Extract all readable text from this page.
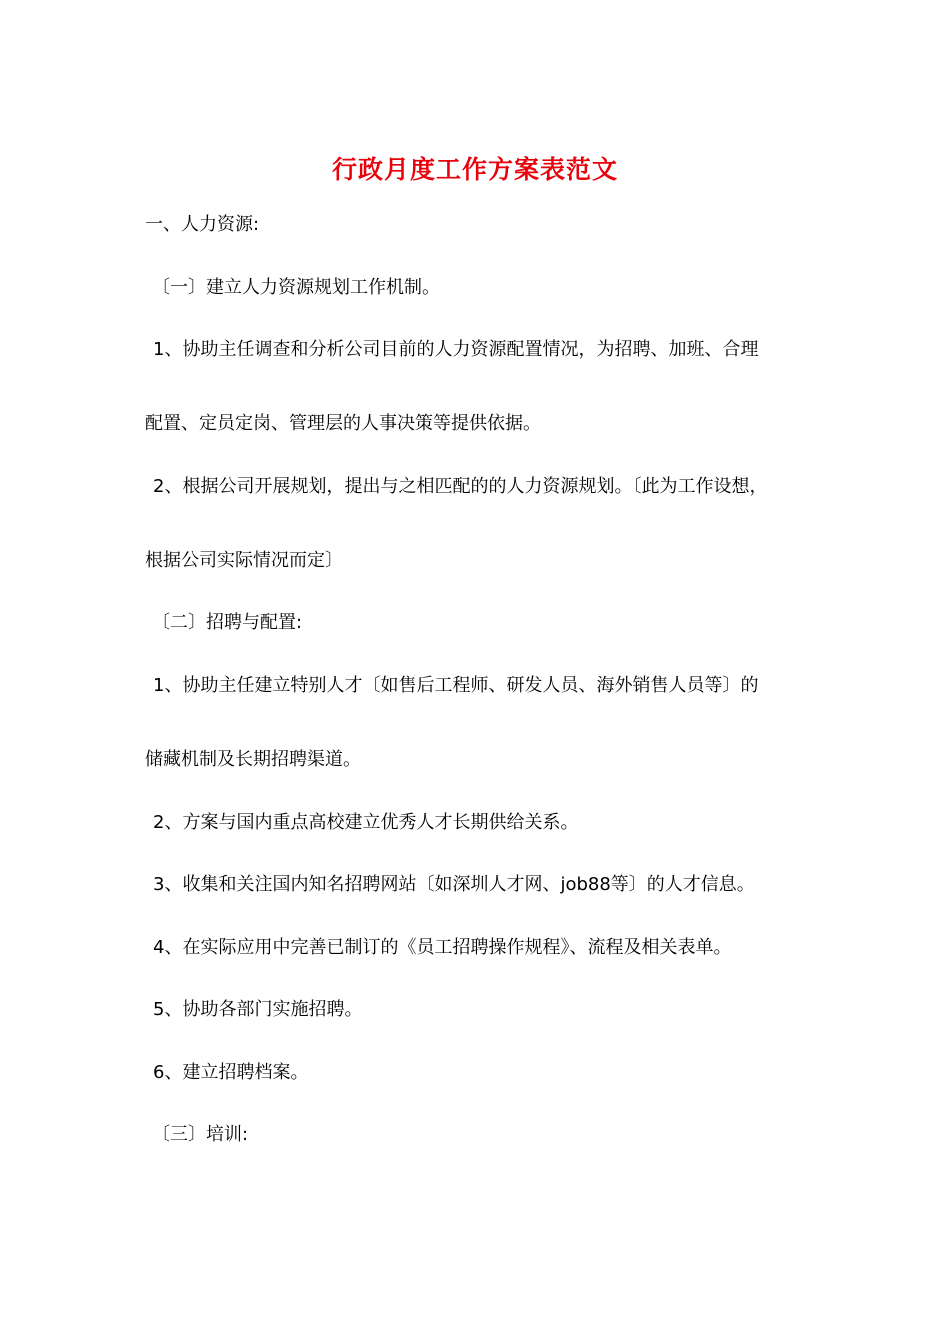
行政月度工作方案表范文
一、人力资源:
〔一〕建立人力资源规划工作机制。
1、协助主任调查和分析公司目前的人力资源配置情况，为招聘、加班、合理
配置、定员定岗、管理层的人事决策等提供依据。
2、根据公司开展规划，提出与之相匹配的的人力资源规划。〔此为工作设想，
根据公司实际情况而定〕
〔二〕招聘与配置:
1、协助主任建立特别人才〔如售后工程师、研发人员、海外销售人员等〕的
储藏机制及长期招聘渠道。
2、方案与国内重点高校建立优秀人才长期供给关系。
3、收集和关注国内知名招聘网站〔如深圳人才网、job88等〕的人才信息。
4、在实际应用中完善已制订的《员工招聘操作规程》、流程及相关表单。
5、协助各部门实施招聘。
6、建立招聘档案。
〔三〕培训:
